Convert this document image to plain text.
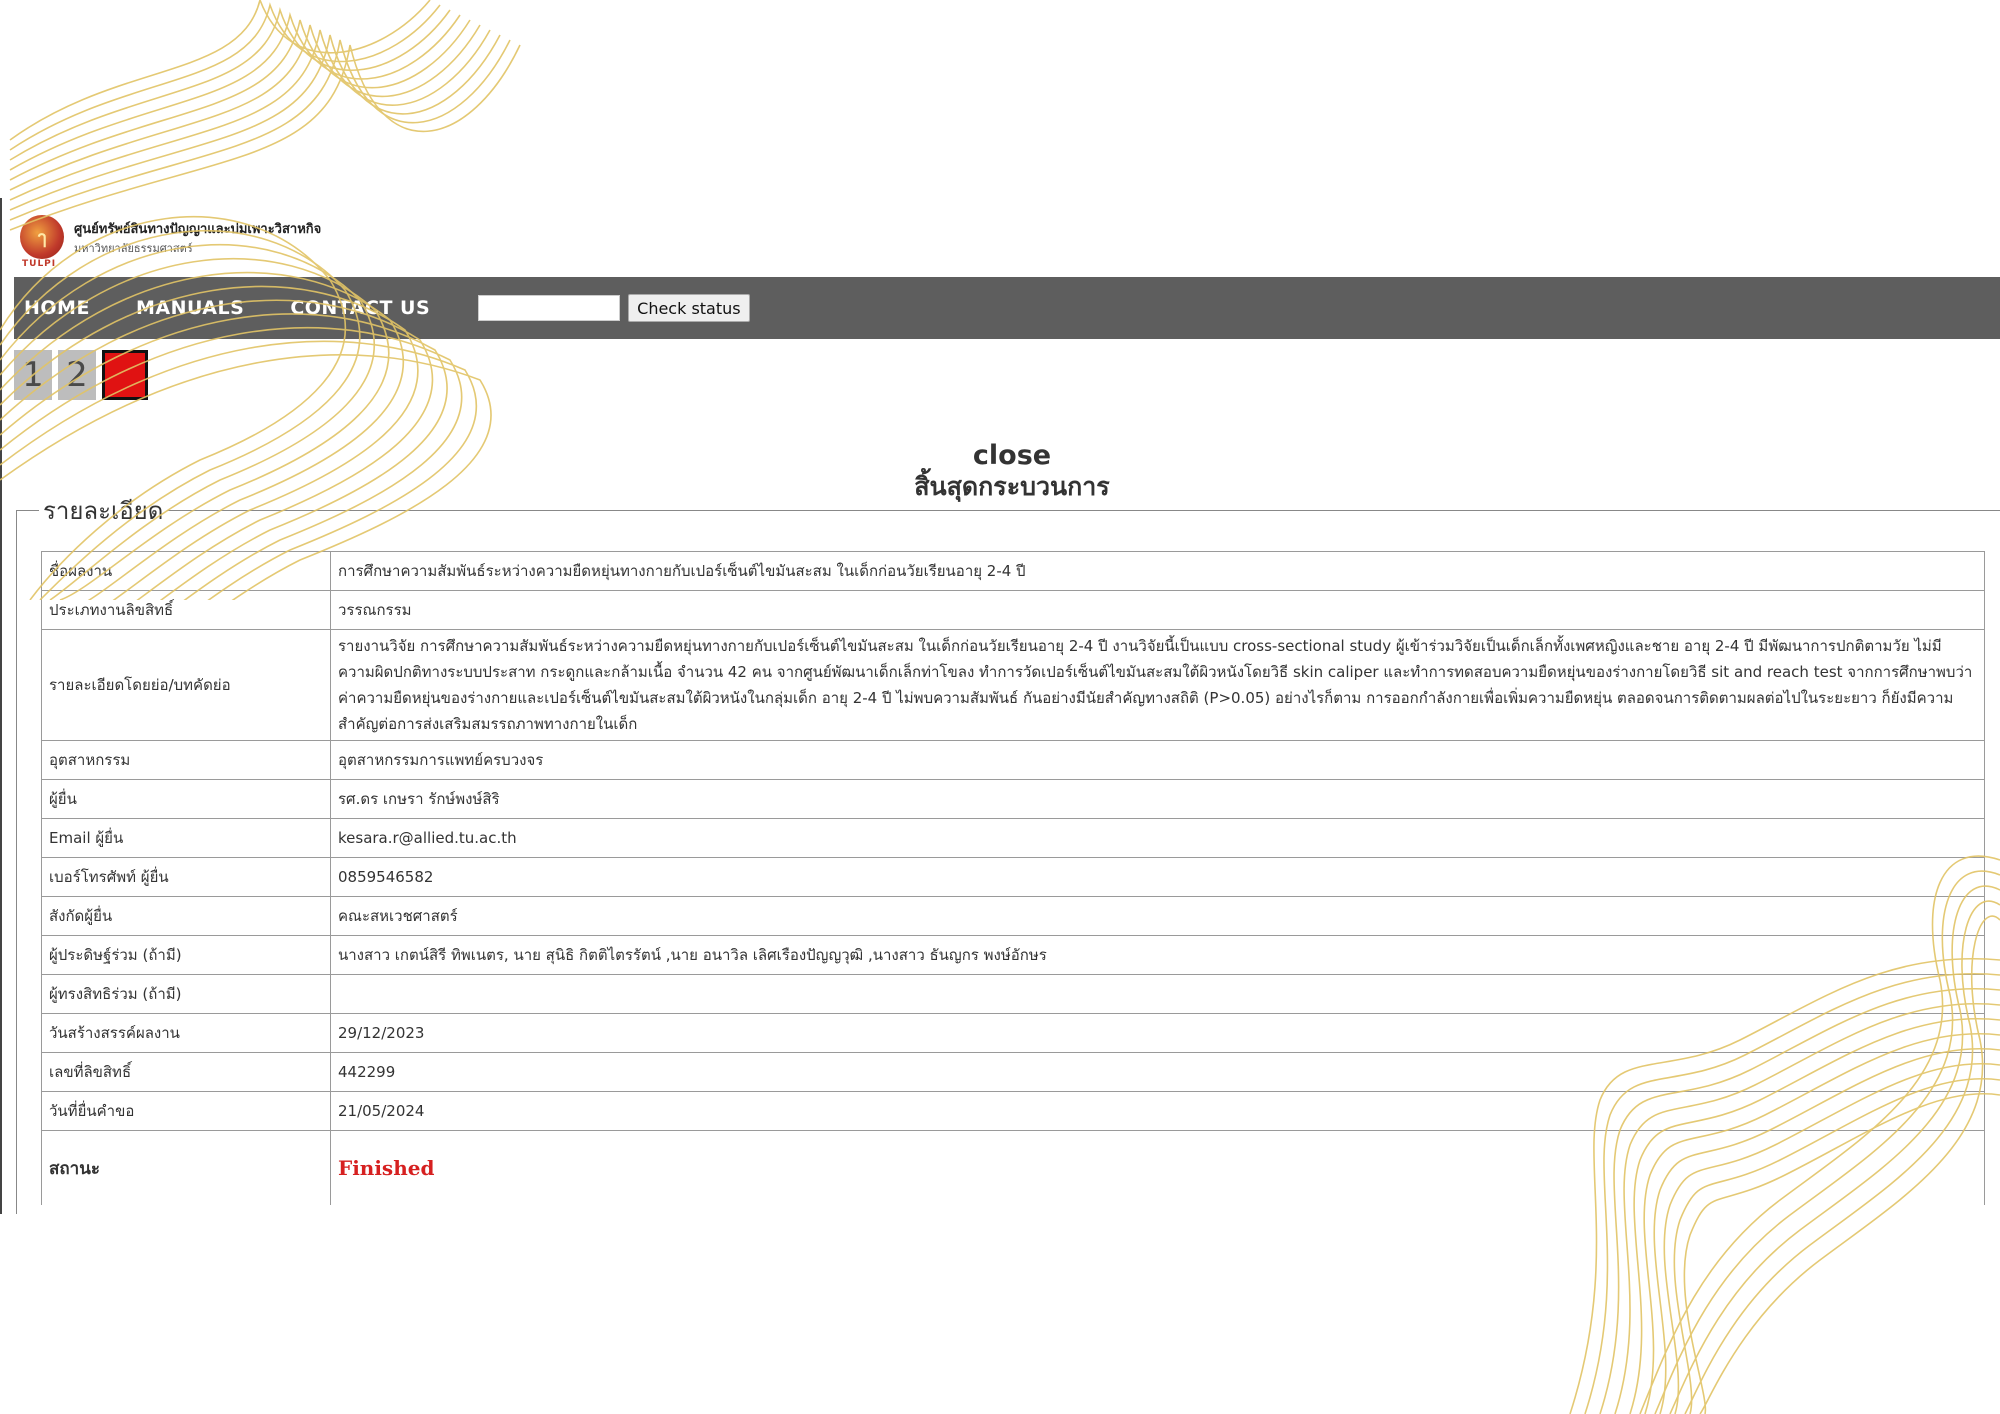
ๅ
TULPI
ศูนย์ทรัพย์สินทางปัญญาและบ่มเพาะวิสาหกิจ
มหาวิทยาลัยธรรมศาสตร์
HOME MANUALS CONTACT US	Check status
1 2 3
close
สิ้นสุดกระบวนการ
รายละเอียด
ชื่อผลงาน	การศึกษาความสัมพันธ์ระหว่างความยืดหยุ่นทางกายกับเปอร์เซ็นต์ไขมันสะสม ในเด็กก่อนวัยเรียนอายุ 2-4 ปี
ประเภทงานลิขสิทธิ์	วรรณกรรม
รายละเอียดโดยย่อ/บทคัดย่อ	รายงานวิจัย การศึกษาความสัมพันธ์ระหว่างความยืดหยุ่นทางกายกับเปอร์เซ็นต์ไขมันสะสม ในเด็กก่อนวัยเรียนอายุ 2-4 ปี งานวิจัยนี้เป็นแบบ cross-sectional study ผู้เข้าร่วมวิจัยเป็นเด็กเล็กทั้งเพศหญิงและชาย อายุ 2-4 ปี มีพัฒนาการปกติตามวัย ไม่มีความผิดปกติทางระบบประสาท กระดูกและกล้ามเนื้อ จำนวน 42 คน จากศูนย์พัฒนาเด็กเล็กท่าโขลง ทำการวัดเปอร์เซ็นต์ไขมันสะสมใต้ผิวหนังโดยวิธี skin caliper และทำการทดสอบความยืดหยุ่นของร่างกายโดยวิธี sit and reach test จากการศึกษาพบว่าค่าความยืดหยุ่นของร่างกายและเปอร์เซ็นต์ไขมันสะสมใต้ผิวหนังในกลุ่มเด็ก อายุ 2-4 ปี ไม่พบความสัมพันธ์ กันอย่างมีนัยสำคัญทางสถิติ (P>0.05) อย่างไรก็ตาม การออกกำลังกายเพื่อเพิ่มความยืดหยุ่น ตลอดจนการติดตามผลต่อไปในระยะยาว ก็ยังมีความสำคัญต่อการส่งเสริมสมรรถภาพทางกายในเด็ก
อุตสาหกรรม	อุตสาหกรรมการแพทย์ครบวงจร
ผู้ยื่น	รศ.ดร เกษรา รักษ์พงษ์สิริ
Email ผู้ยื่น	kesara.r@allied.tu.ac.th
เบอร์โทรศัพท์ ผู้ยื่น	0859546582
สังกัดผู้ยื่น	คณะสหเวชศาสตร์
ผู้ประดิษฐ์ร่วม (ถ้ามี)	นางสาว เกตน์สิรี ทิพเนตร, นาย สุนิธิ กิตติไตรรัตน์ ,นาย อนาวิล เลิศเรืองปัญญวุฒิ ,นางสาว ธันญกร พงษ์อักษร
ผู้ทรงสิทธิร่วม (ถ้ามี)	
วันสร้างสรรค์ผลงาน	29/12/2023
เลขที่ลิขสิทธิ์	442299
วันที่ยื่นคำขอ	21/05/2024
สถานะ	Finished
